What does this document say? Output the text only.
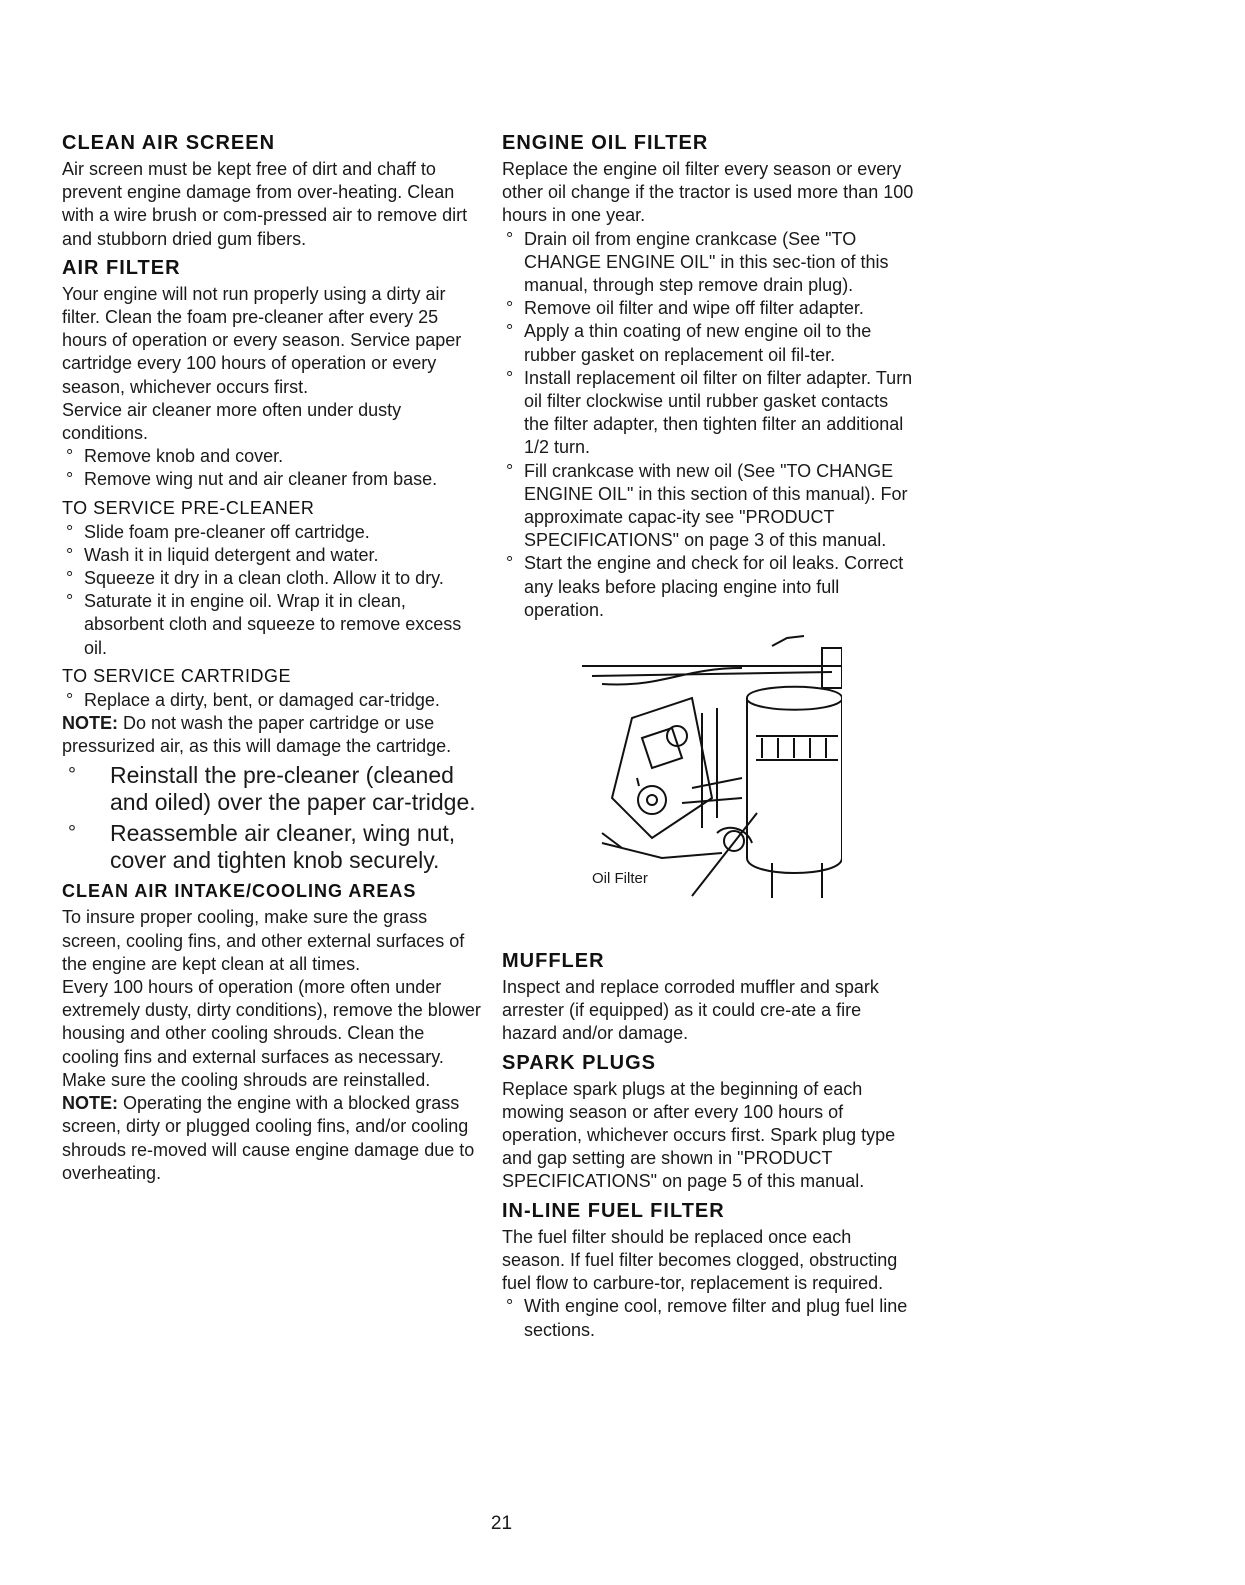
CLEAN AIR SCREEN

Air screen must be kept free of dirt and chaff to prevent engine damage from over-heating. Clean with a wire brush or com-pressed air to remove dirt and stubborn dried gum fibers.

AIR FILTER

Your engine will not run properly using a dirty air filter. Clean the foam pre-cleaner after every 25 hours of operation or every season. Service paper cartridge every 100 hours of operation or every season, whichever occurs first.

Service air cleaner more often under dusty conditions.

° Remove knob and cover.
° Remove wing nut and air cleaner from base.
TO SERVICE PRE-CLEANER
° Slide foam pre-cleaner off cartridge.
° Wash it in liquid detergent and water.
° Squeeze it dry in a clean cloth. Allow it to dry.
° Saturate it in engine oil. Wrap it in clean, absorbent cloth and squeeze to remove excess oil.
TO SERVICE CARTRIDGE
° Replace a dirty, bent, or damaged car-tridge.

NOTE: Do not wash the paper cartridge or use pressurized air, as this will damage the cartridge.

° Reinstall the pre-cleaner (cleaned and oiled) over the paper car-tridge.
° Reassemble air cleaner, wing nut, cover and tighten knob securely.
CLEAN AIR INTAKE/COOLING AREAS

To insure proper cooling, make sure the grass screen, cooling fins, and other external surfaces of the engine are kept clean at all times.

Every 100 hours of operation (more often under extremely dusty, dirty conditions), remove the blower housing and other cooling shrouds. Clean the cooling fins and external surfaces as necessary. Make sure the cooling shrouds are reinstalled.

NOTE: Operating the engine with a blocked grass screen, dirty or plugged cooling fins, and/or cooling shrouds re-moved will cause engine damage due to overheating.

ENGINE OIL FILTER

Replace the engine oil filter every season or every other oil change if the tractor is used more than 100 hours in one year.

° Drain oil from engine crankcase (See "TO CHANGE ENGINE OIL" in this sec-tion of this manual, through step remove drain plug).
° Remove oil filter and wipe off filter adapter.
° Apply a thin coating of new engine oil to the rubber gasket on replacement oil fil-ter.
° Install replacement oil filter on filter adapter. Turn oil filter clockwise until rubber gasket contacts the filter adapter, then tighten filter an additional 1/2 turn.
° Fill crankcase with new oil (See "TO CHANGE ENGINE OIL" in this section of this manual). For approximate capac-ity see "PRODUCT SPECIFICATIONS" on page 3 of this manual.
° Start the engine and check for oil leaks. Correct any leaks before placing engine into full operation.
Oil Filter
MUFFLER

Inspect and replace corroded muffler and spark arrester (if equipped) as it could cre-ate a fire hazard and/or damage.

SPARK PLUGS

Replace spark plugs at the beginning of each mowing season or after every 100 hours of operation, whichever occurs first. Spark plug type and gap setting are shown in "PRODUCT SPECIFICATIONS" on page 5 of this manual.

IN-LINE FUEL FILTER

The fuel filter should be replaced once each season. If fuel filter becomes clogged, obstructing fuel flow to carbure-tor, replacement is required.

° With engine cool, remove filter and plug fuel line sections.
21
